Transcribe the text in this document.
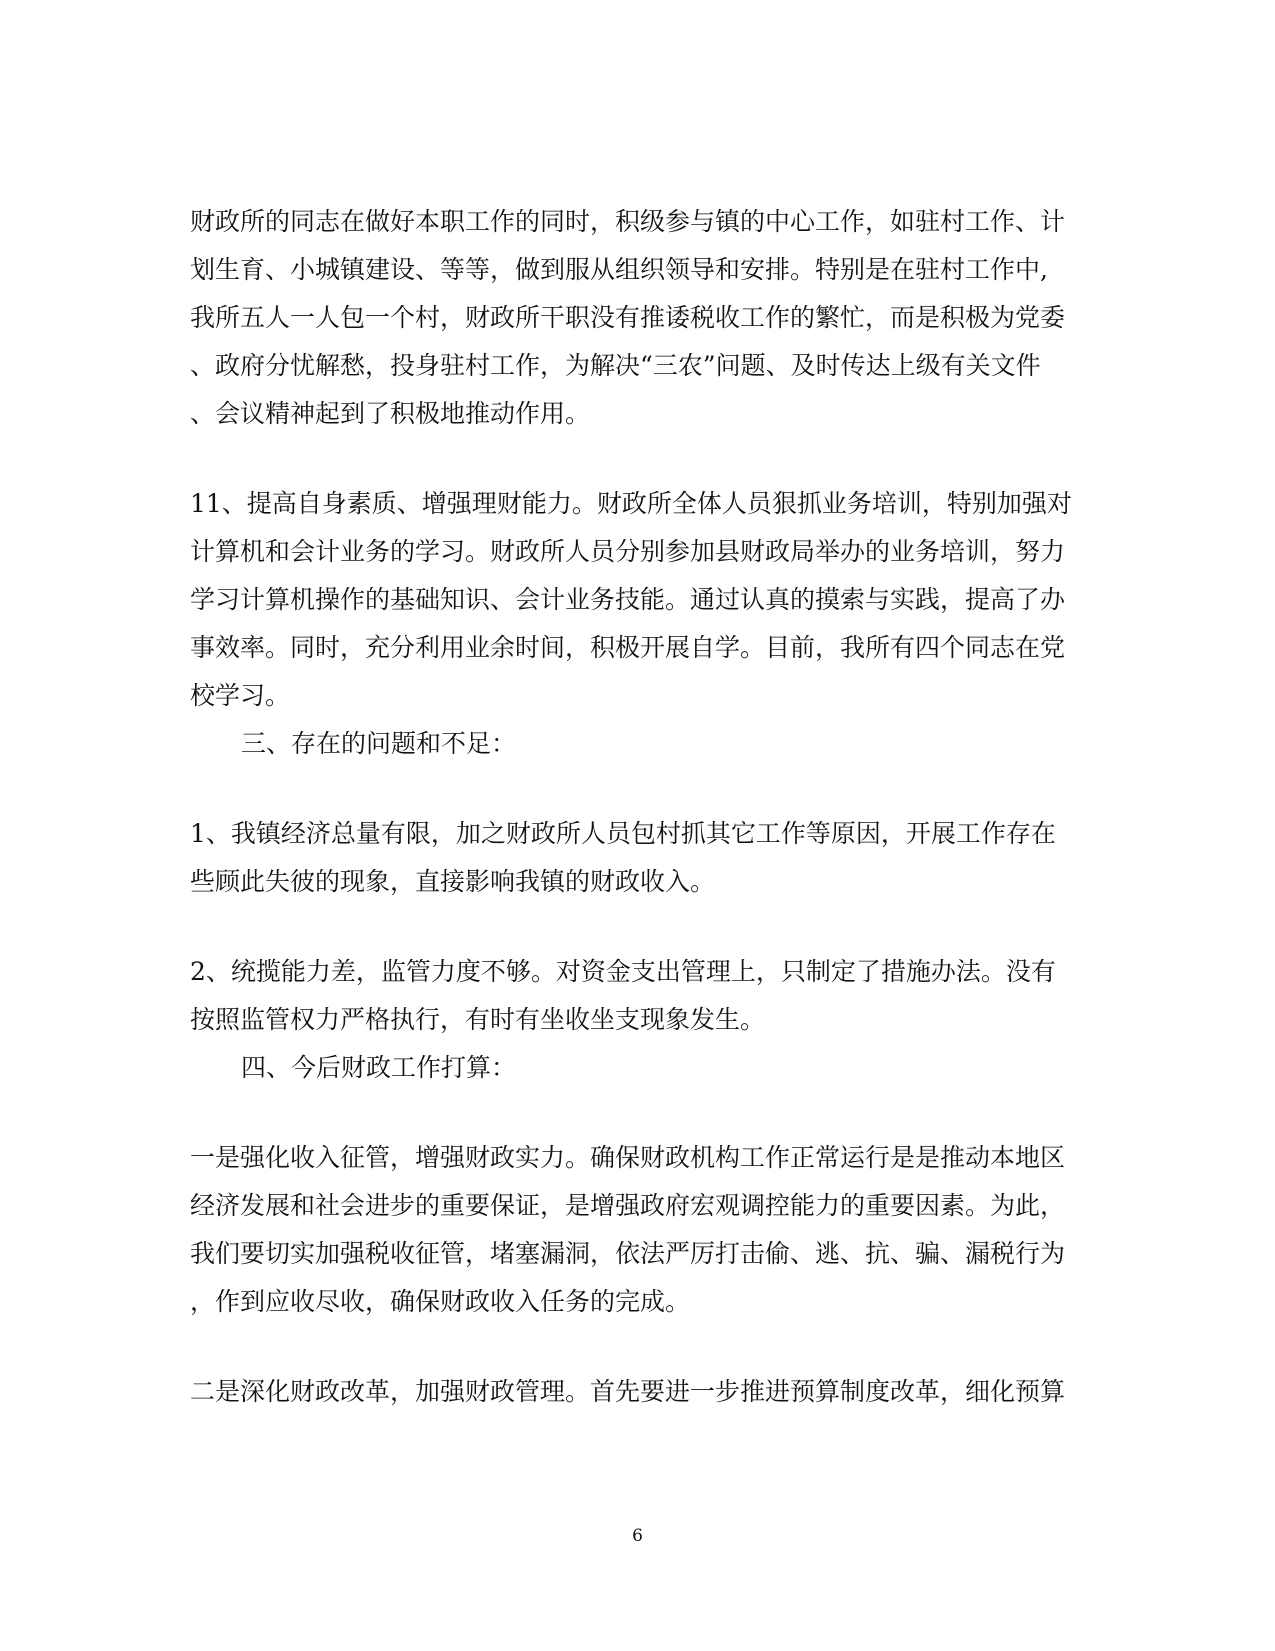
财政所的同志在做好本职工作的同时，积级参与镇的中心工作，如驻村工作、计
划生育、小城镇建设、等等，做到服从组织领导和安排。特别是在驻村工作中,
我所五人一人包一个村，财政所干职没有推诿税收工作的繁忙，而是积极为党委
、政府分忧解愁，投身驻村工作，为解决“三农”问题、及时传达上级有关文件
、会议精神起到了积极地推动作用。
11、提高自身素质、增强理财能力。财政所全体人员狠抓业务培训，特别加强对
计算机和会计业务的学习。财政所人员分别参加县财政局举办的业务培训，努力
学习计算机操作的基础知识、会计业务技能。通过认真的摸索与实践，提高了办
事效率。同时，充分利用业余时间，积极开展自学。目前，我所有四个同志在党
校学习。
三、存在的问题和不足：
1、我镇经济总量有限，加之财政所人员包村抓其它工作等原因，开展工作存在
些顾此失彼的现象，直接影响我镇的财政收入。
2、统揽能力差，监管力度不够。对资金支出管理上，只制定了措施办法。没有
按照监管权力严格执行，有时有坐收坐支现象发生。
四、今后财政工作打算：
一是强化收入征管，增强财政实力。确保财政机构工作正常运行是是推动本地区
经济发展和社会进步的重要保证，是增强政府宏观调控能力的重要因素。为此，
我们要切实加强税收征管，堵塞漏洞，依法严厉打击偷、逃、抗、骗、漏税行为
，作到应收尽收，确保财政收入任务的完成。
二是深化财政改革，加强财政管理。首先要进一步推进预算制度改革，细化预算
6
